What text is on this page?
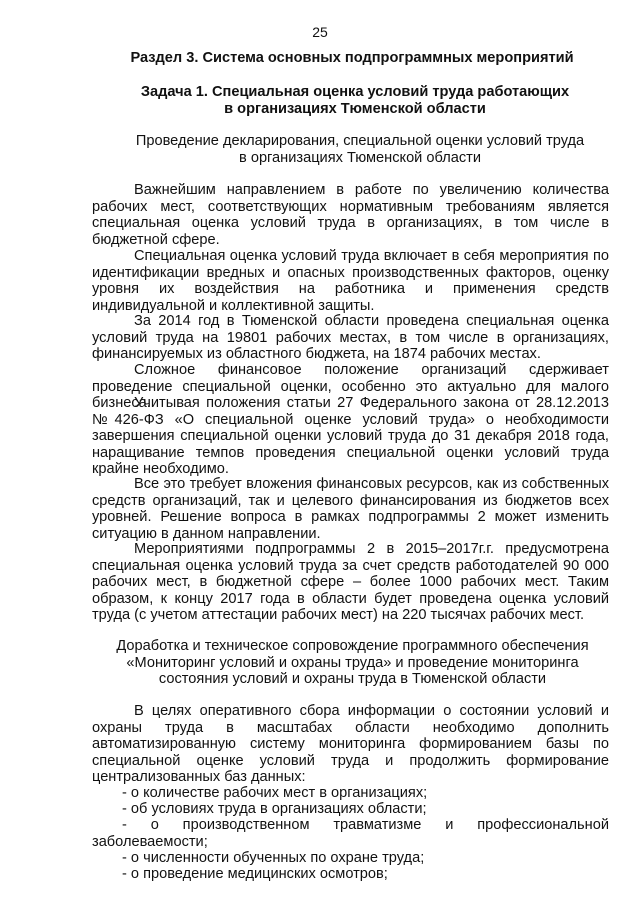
25
Раздел 3. Система основных подпрограммных мероприятий
Задача 1. Специальная оценка условий труда работающих в организациях Тюменской области
Проведение декларирования, специальной оценки условий труда в организациях Тюменской области
Важнейшим направлением в работе по увеличению количества рабочих мест, соответствующих нормативным требованиям является специальная оценка условий труда в организациях, в том числе в бюджетной сфере.
Специальная оценка условий труда включает в себя мероприятия по идентификации вредных и опасных производственных факторов, оценку уровня их воздействия на работника и применения средств индивидуальной и коллективной защиты.
За 2014 год в Тюменской области проведена специальная оценка условий труда на 19801 рабочих местах, в том числе в организациях, финансируемых из областного бюджета, на 1874 рабочих местах.
Сложное финансовое положение организаций сдерживает проведение специальной оценки, особенно это актуально для малого бизнеса.
Учитывая положения статьи 27 Федерального закона от 28.12.2013 №426-ФЗ «О специальной оценке условий труда» о необходимости завершения специальной оценки условий труда до 31 декабря 2018 года, наращивание темпов проведения специальной оценки условий труда крайне необходимо.
Все это требует вложения финансовых ресурсов, как из собственных средств организаций, так и целевого финансирования из бюджетов всех уровней. Решение вопроса в рамках подпрограммы 2 может изменить ситуацию в данном направлении.
Мероприятиями подпрограммы 2 в 2015–2017г.г. предусмотрена специальная оценка условий труда за счет средств работодателей 90 000 рабочих мест, в бюджетной сфере – более 1000 рабочих мест. Таким образом, к концу 2017 года в области будет проведена оценка условий труда (с учетом аттестации рабочих мест) на 220 тысячах рабочих мест.
Доработка и техническое сопровождение программного обеспечения «Мониторинг условий и охраны труда» и проведение мониторинга состояния условий и охраны труда в Тюменской области
В целях оперативного сбора информации о состоянии условий и охраны труда в масштабах области необходимо дополнить автоматизированную систему мониторинга формированием базы по специальной оценке условий труда и продолжить формирование централизованных баз данных:
- о количестве рабочих мест в организациях;
- об условиях труда в организациях области;
- о производственном травматизме и профессиональной заболеваемости;
- о численности обученных по охране труда;
- о проведение медицинских осмотров;
